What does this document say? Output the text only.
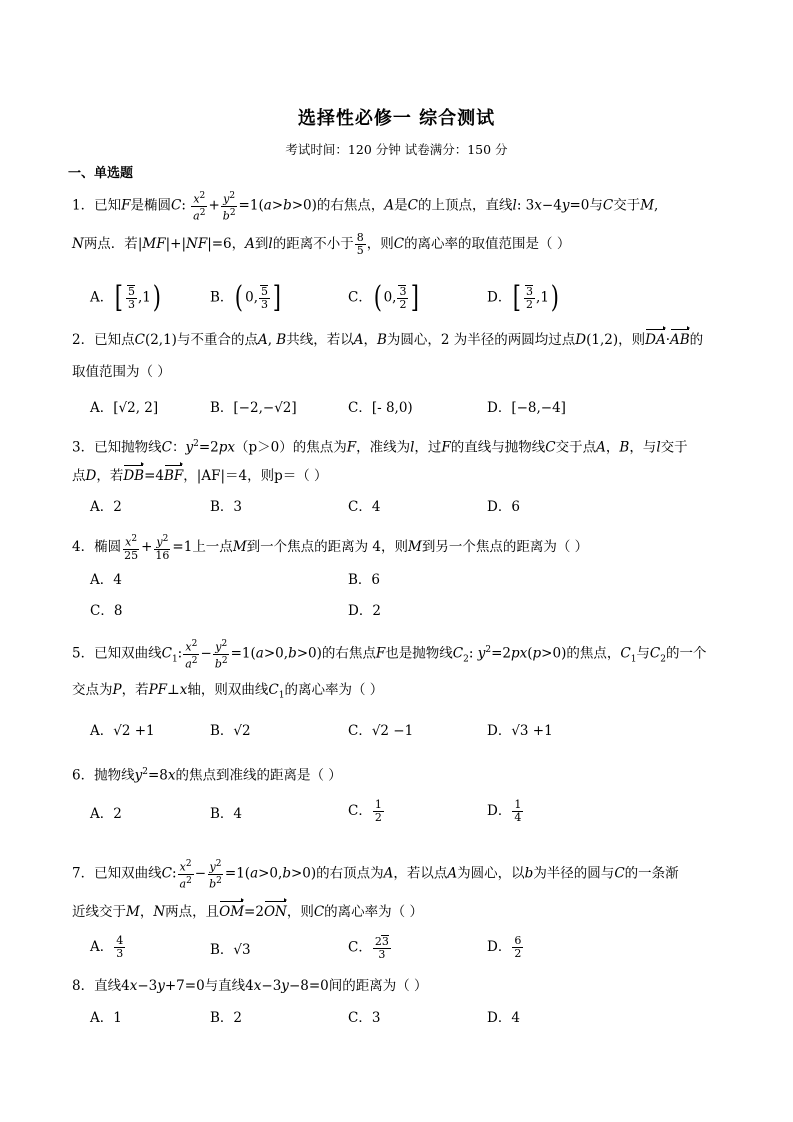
选择性必修一 综合测试
考试时间：120 分钟 试卷满分：150 分
一、单选题
1．已知F是椭圆C: $\frac{x^2}{a^2} + \frac{y^2}{b^2} =1(a>b>0)$的右焦点，A是C的上顶点，直线l: 3x−4y=0与C交于M,
N两点．若|MF|+|NF|=6，A到l的距离不小于 $\frac{8}{5}$ ，则C的离心率的取值范围是（ ）
A．[ $\frac{5}{3} ,1$)	B．( 0, $\frac{5}{3}$ ]	C．( 0, $\frac{3}{2}$ ]	D．[ $\frac{3}{2} ,1$)
2．已知点C(2,1)与不重合的点A, B共线，若以A，B为圆心，2 为半径的两圆均过点D(1,2)，则DA·AB的
取值范围为（ ）
A．[√2, 2]	B．[−2,−√2]	C．[- 8,0)	D．[−8,−4]
3．已知抛物线C：$y^2=2px(p>0)$的焦点为F，准线为l，过F的直线与抛物线C交于点A，B，与l交于
点D，若DB=4BF，|AF|＝4，则p＝（ ）
A．2	B．3	C．4	D．6
4．椭圆 $\frac{x^2}{25} + \frac{y^2}{16} =1$上一点M到一个焦点的距离为 4，则M到另一个焦点的距离为（ ）
A．4	B．6
C．8	D．2
5．已知双曲线$C_1$: $\frac{x^2}{a^2} - \frac{y^2}{b^2} =1(a>0,b>0)$的右焦点F也是抛物线$C_2$: $y^2=2px(p>0)$的焦点，$C_1$与$C_2$的一个
交点为P，若PF⊥x轴，则双曲线$C_1$的离心率为（ ）
A．√2 +1	B．√2	C．√2 −1	D．√3 +1
6．抛物线$y^2=8x$的焦点到准线的距离是（ ）
A．2	B．4	C． $\frac{1}{2}$	D． $\frac{1}{4}$
7．已知双曲线C: $\frac{x^2}{a^2} - \frac{y^2}{b^2} =1(a>0,b>0)$的右顶点为A，若以点A为圆心，以b为半径的圆与C的一条渐
近线交于M，N两点，且OM=2ON，则C的离心率为（ ）
A． $\frac{4}{3}$	B．√3	C． $\frac{23}{3}$	D． $\frac{6}{2}$
8．直线4x−3y+7=0与直线4x−3y−8=0间的距离为（ ）
A．1	B．2	C．3	D．4
